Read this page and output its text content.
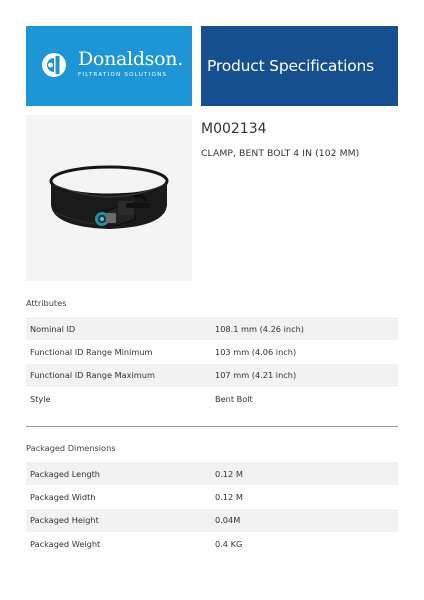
Donaldson.
FILTRATION SOLUTIONS	Product Specifications
M002134
CLAMP, BENT BOLT 4 IN (102 MM)
Attributes
Nominal ID	108.1 mm (4.26 inch)
Functional ID Range Minimum	103 mm (4.06 inch)
Functional ID Range Maximum	107 mm (4.21 inch)
Style	Bent Bolt
Packaged Dimensions
Packaged Length	0.12 M
Packaged Width	0.12 M
Packaged Height	0.04M
Packaged Weight	0.4 KG
